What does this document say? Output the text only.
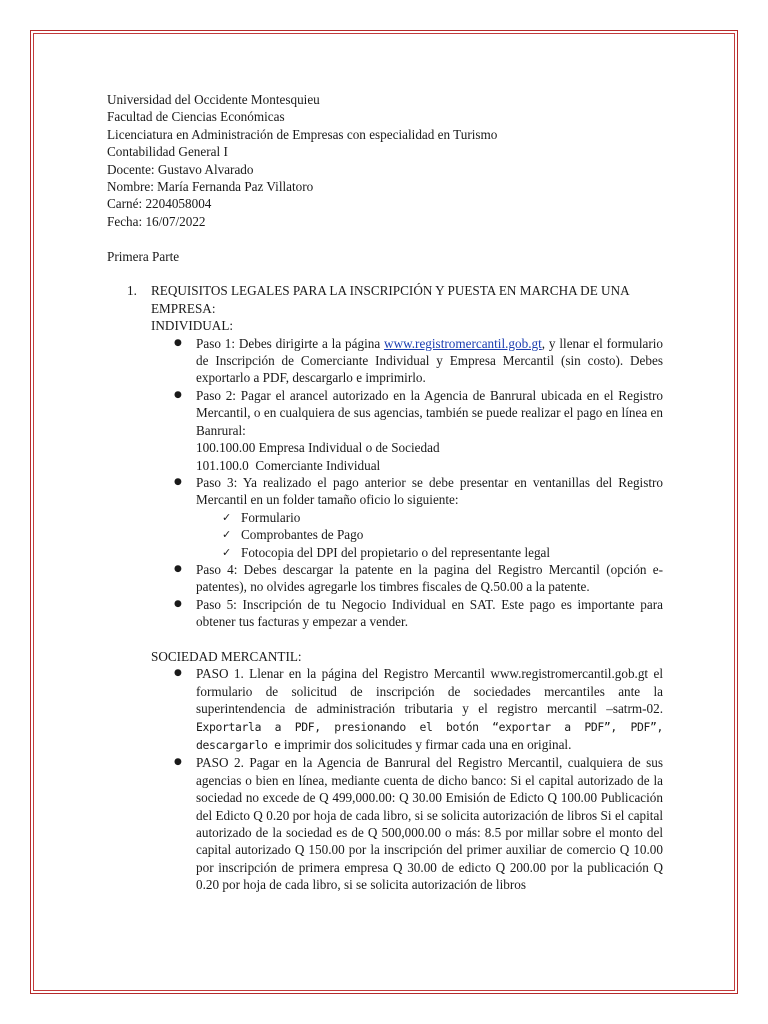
Universidad del Occidente Montesquieu
Facultad de Ciencias Económicas
Licenciatura en Administración de Empresas con especialidad en Turismo
Contabilidad General I
Docente: Gustavo Alvarado
Nombre: María Fernanda Paz Villatoro
Carné: 2204058004
Fecha: 16/07/2022
Primera Parte
1. REQUISITOS LEGALES PARA LA INSCRIPCIÓN Y PUESTA EN MARCHA DE UNA EMPRESA:
INDIVIDUAL:
● Paso 1: Debes dirigirte a la página www.registromercantil.gob.gt, y llenar el formulario de Inscripción de Comerciante Individual y Empresa Mercantil (sin costo). Debes exportarlo a PDF, descargarlo e imprimirlo.
● Paso 2: Pagar el arancel autorizado en la Agencia de Banrural ubicada en el Registro Mercantil, o en cualquiera de sus agencias, también se puede realizar el pago en línea en Banrural:
100.100.00 Empresa Individual o de Sociedad
101.100.0  Comerciante Individual
● Paso 3: Ya realizado el pago anterior se debe presentar en ventanillas del Registro Mercantil en un folder tamaño oficio lo siguiente:
✓ Formulario
✓ Comprobantes de Pago
✓ Fotocopia del DPI del propietario o del representante legal
● Paso 4: Debes descargar la patente en la pagina del Registro Mercantil (opción e-patentes), no olvides agregarle los timbres fiscales de Q.50.00 a la patente.
● Paso 5: Inscripción de tu Negocio Individual en SAT. Este pago es importante para obtener tus facturas y empezar a vender.
SOCIEDAD MERCANTIL:
● PASO 1. Llenar en la página del Registro Mercantil www.registromercantil.gob.gt el formulario de solicitud de inscripción de sociedades mercantiles ante la superintendencia de administración tributaria y el registro mercantil –satrm-02. Exportarla a PDF, presionando el botón “exportar a PDF”, PDF”, descargarlo e imprimir dos solicitudes y firmar cada una en original.
● PASO 2. Pagar en la Agencia de Banrural del Registro Mercantil, cualquiera de sus agencias o bien en línea, mediante cuenta de dicho banco: Si el capital autorizado de la sociedad no excede de Q 499,000.00: Q 30.00 Emisión de Edicto Q 100.00 Publicación del Edicto Q 0.20 por hoja de cada libro, si se solicita autorización de libros Si el capital autorizado de la sociedad es de Q 500,000.00 o más: 8.5 por millar sobre el monto del capital autorizado Q 150.00 por la inscripción del primer auxiliar de comercio Q 10.00 por inscripción de primera empresa Q 30.00 de edicto Q 200.00 por la publicación Q 0.20 por hoja de cada libro, si se solicita autorización de libros
